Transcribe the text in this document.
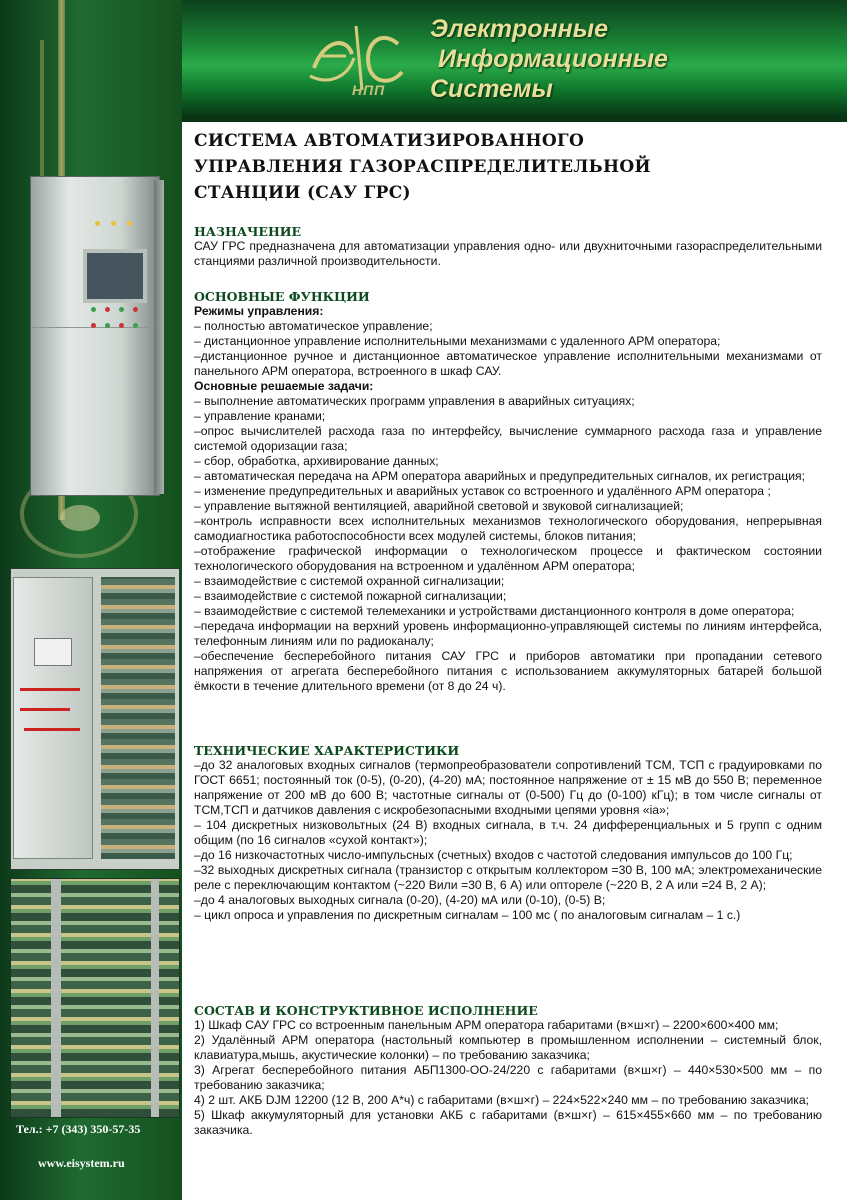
НПП
Электронные
Информационные
Системы
Тел.: +7 (343) 350-57-35
www.eisystem.ru
СИСТЕМА АВТОМАТИЗИРОВАННОГО
УПРАВЛЕНИЯ ГАЗОРАСПРЕДЕЛИТЕЛЬНОЙ
СТАНЦИИ (САУ ГРС)
НАЗНАЧЕНИЕ

САУ ГРС предназначена для автоматизации управления одно- или двухниточными газораспределительными станциями различной производительности.

ОСНОВНЫЕ ФУНКЦИИ
Режимы управления:

– полностью автоматическое управление;

– дистанционное управление исполнительными механизмами с удаленного АРМ оператора;

–дистанционное ручное и дистанционное автоматическое управление исполнительными механизмами от панельного АРМ оператора, встроенного в шкаф САУ.

Основные решаемые задачи:

– выполнение автоматических программ управления в аварийных ситуациях;

– управление кранами;

–опрос вычислителей расхода газа по интерфейсу, вычисление суммарного расхода газа и управление системой одоризации газа;

– сбор, обработка, архивирование данных;

– автоматическая передача на АРМ оператора аварийных и предупредительных сигналов, их регистрация;

– изменение предупредительных и аварийных уставок со встроенного и удалённого АРМ оператора ;

– управление вытяжной вентиляцией, аварийной световой и звуковой сигнализацией;

–контроль исправности всех исполнительных механизмов технологического оборудования, непрерывная самодиагностика работоспособности всех модулей системы, блоков питания;

–отображение графической информации о технологическом процессе и фактическом состоянии технологического оборудования на встроенном и удалённом АРМ оператора;

– взаимодействие с системой охранной сигнализации;

– взаимодействие с системой пожарной сигнализации;

– взаимодействие с системой телемеханики и устройствами дистанционного контроля в доме оператора;

–передача информации на верхний уровень информационно-управляющей системы по линиям интерфейса, телефонным линиям или по радиоканалу;

–обеспечение бесперебойного питания САУ ГРС и приборов автоматики при пропадании сетевого напряжения от агрегата бесперебойного питания с использованием аккумуляторных батарей большой ёмкости в течение длительного времени (от 8 до 24 ч).

ТЕХНИЧЕСКИЕ ХАРАКТЕРИСТИКИ

–до 32 аналоговых входных сигналов (термопреобразователи сопротивлений ТСМ, ТСП с градуировками по ГОСТ 6651; постоянный ток (0-5), (0-20), (4-20) мА; постоянное напряжение от ± 15 мВ до 550 В; переменное напряжение от 200 мВ до 600 В; частотные сигналы от (0-500) Гц до (0-100) кГц); в том числе сигналы от ТСМ,ТСП и датчиков давления с искробезопасными входными цепями уровня «ia»;

– 104 дискретных низковольтных (24 В) входных сигнала, в т.ч. 24 дифференциальных и 5 групп с одним общим (по 16 сигналов «сухой контакт»);

–до 16 низкочастотных число-импульсных (счетных) входов с частотой следования импульсов до 100 Гц;

–32 выходных дискретных сигнала (транзистор с открытым коллектором =30 В, 100 мА; электромеханические реле с переключающим контактом (~220 Вили =30 В, 6 А) или оптореле (~220 В, 2 А или =24 В, 2 А);

–до 4 аналоговых выходных сигнала (0-20), (4-20) мА или (0-10), (0-5) В;

– цикл опроса и управления по дискретным сигналам – 100 мс ( по аналоговым сигналам – 1 с.)

СОСТАВ И КОНСТРУКТИВНОЕ ИСПОЛНЕНИЕ

1) Шкаф САУ ГРС со встроенным панельным АРМ оператора габаритами (в×ш×г) – 2200×600×400 мм;

2) Удалённый АРМ оператора (настольный компьютер в промышленном исполнении – системный блок, клавиатура,мышь, акустические колонки) – по требованию заказчика;

3) Агрегат бесперебойного питания АБП1300-ОО-24/220 с габаритами (в×ш×г) – 440×530×500 мм – по требованию заказчика;

4) 2 шт. АКБ DJM 12200 (12 В, 200 А*ч) с габаритами (в×ш×г) – 224×522×240 мм – по требованию заказчика;

5) Шкаф аккумуляторный для установки АКБ с габаритами (в×ш×г) – 615×455×660 мм – по требованию заказчика.
